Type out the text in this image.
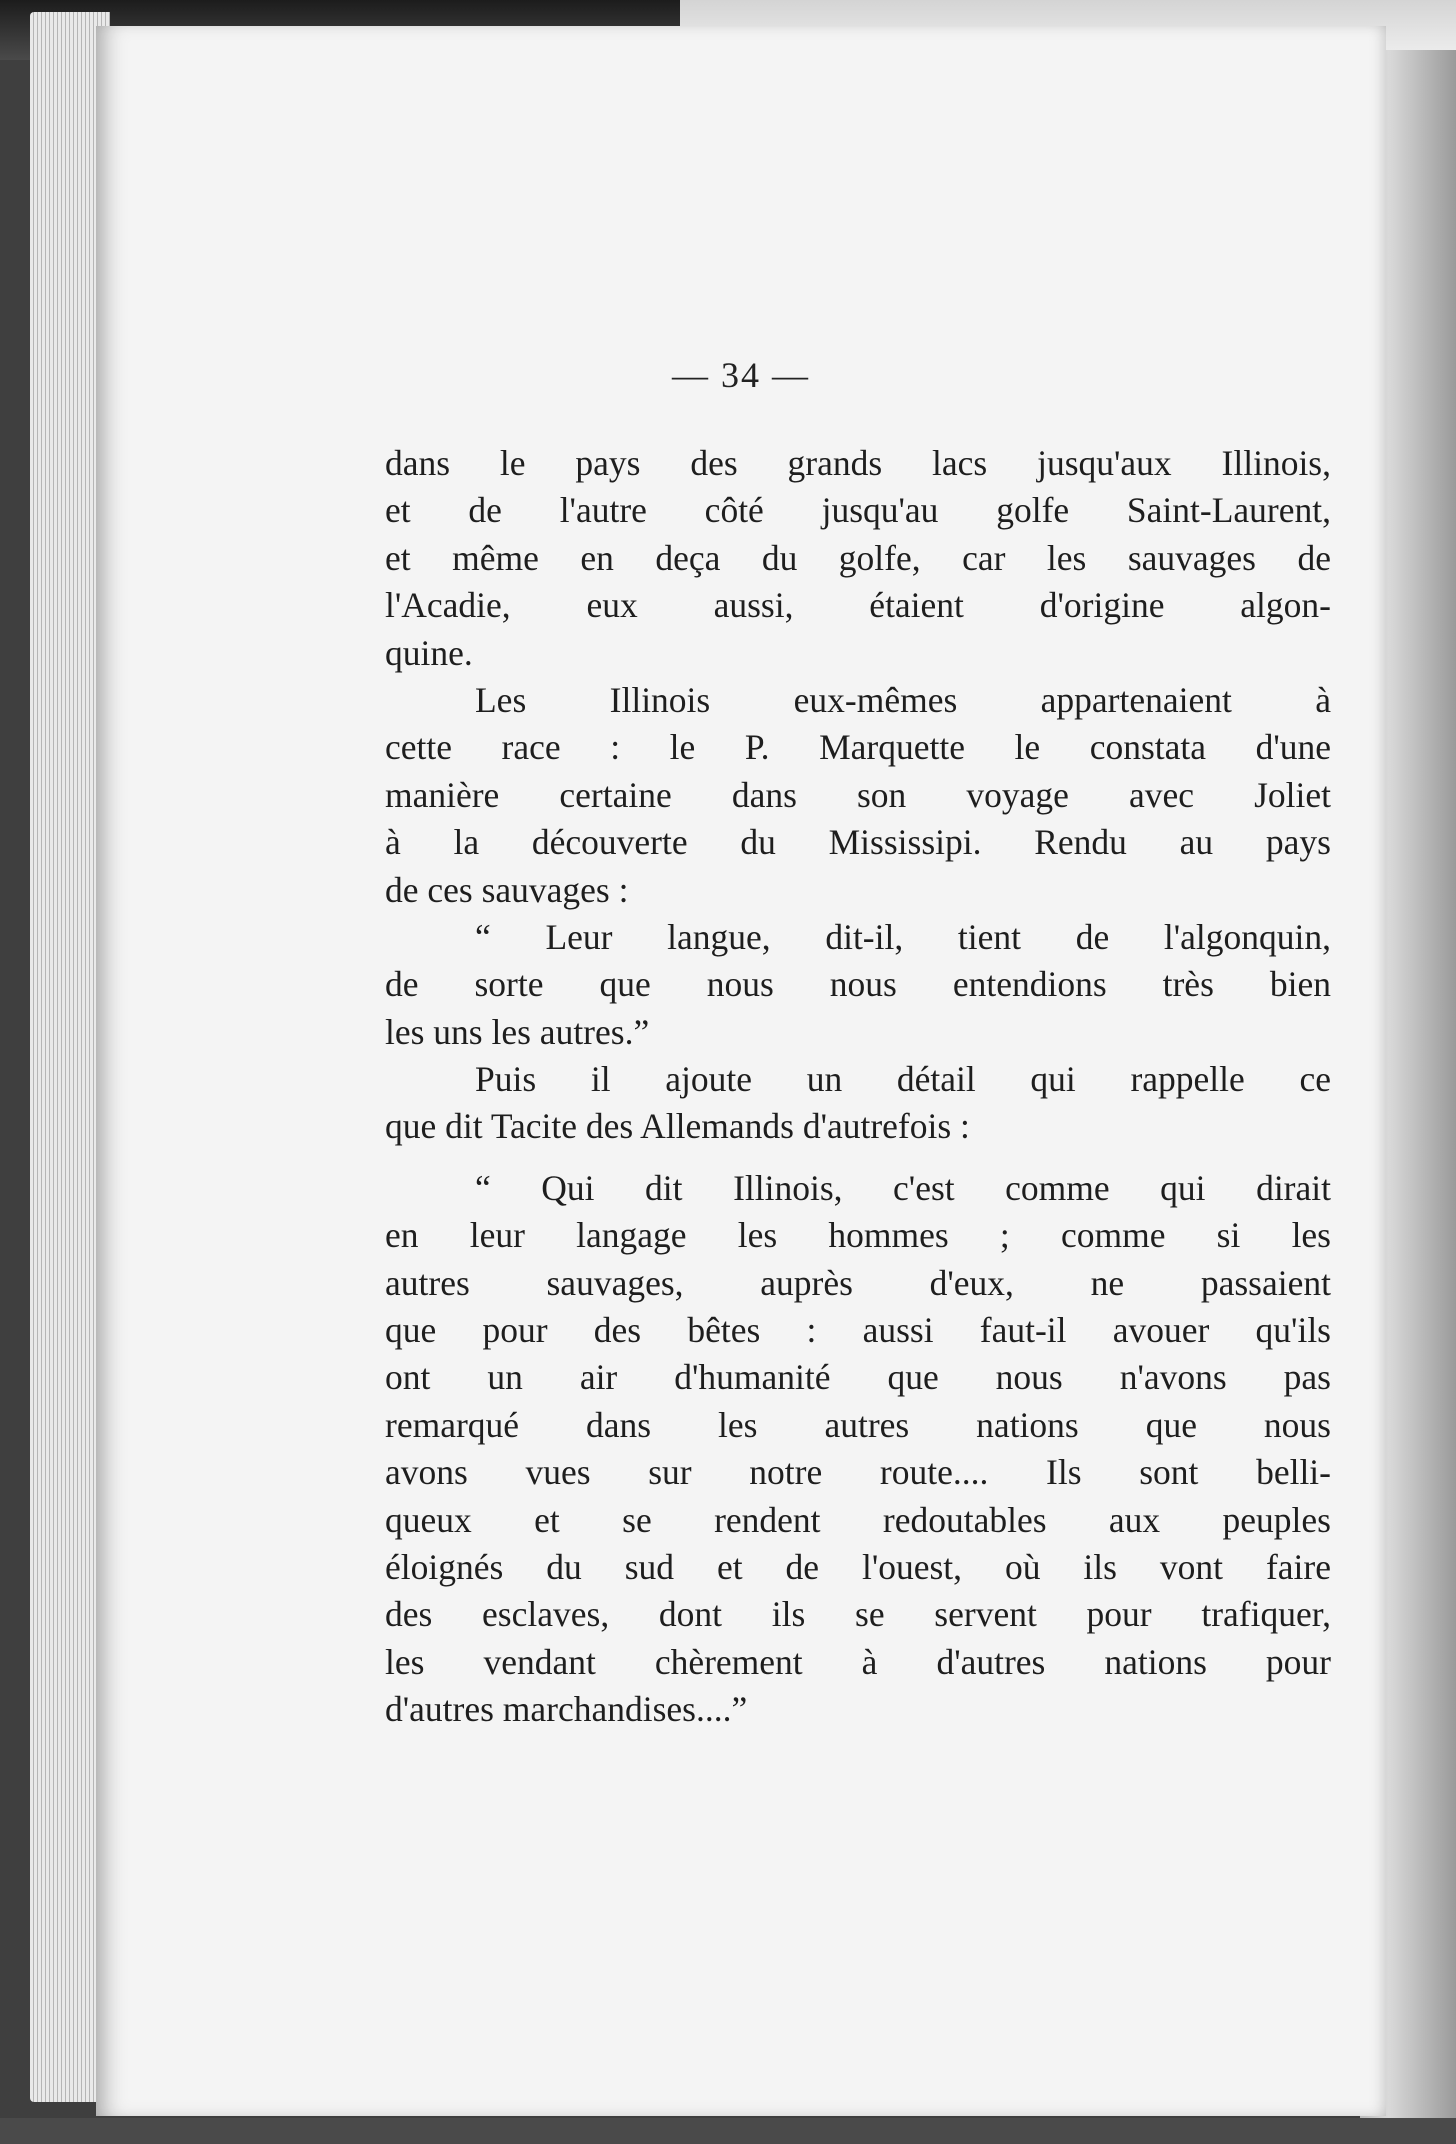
— 34 —
dans le pays des grands lacs jusqu'aux Illinois,
et de l'autre côté jusqu'au golfe Saint-Laurent,
et même en deça du golfe, car les sauvages de
l'Acadie, eux aussi, étaient d'origine algon-
quine.
Les Illinois eux-mêmes appartenaient à
cette race : le P. Marquette le constata d'une
manière certaine dans son voyage avec Joliet
à la découverte du Mississipi. Rendu au pays
de ces sauvages :
“ Leur langue, dit-il, tient de l'algonquin,
de sorte que nous nous entendions très bien
les uns les autres.”
Puis il ajoute un détail qui rappelle ce
que dit Tacite des Allemands d'autrefois :
“ Qui dit Illinois, c'est comme qui dirait
en leur langage les hommes ; comme si les
autres sauvages, auprès d'eux, ne passaient
que pour des bêtes : aussi faut-il avouer qu'ils
ont un air d'humanité que nous n'avons pas
remarqué dans les autres nations que nous
avons vues sur notre route.... Ils sont belli-
queux et se rendent redoutables aux peuples
éloignés du sud et de l'ouest, où ils vont faire
des esclaves, dont ils se servent pour trafiquer,
les vendant chèrement à d'autres nations pour
d'autres marchandises....”
